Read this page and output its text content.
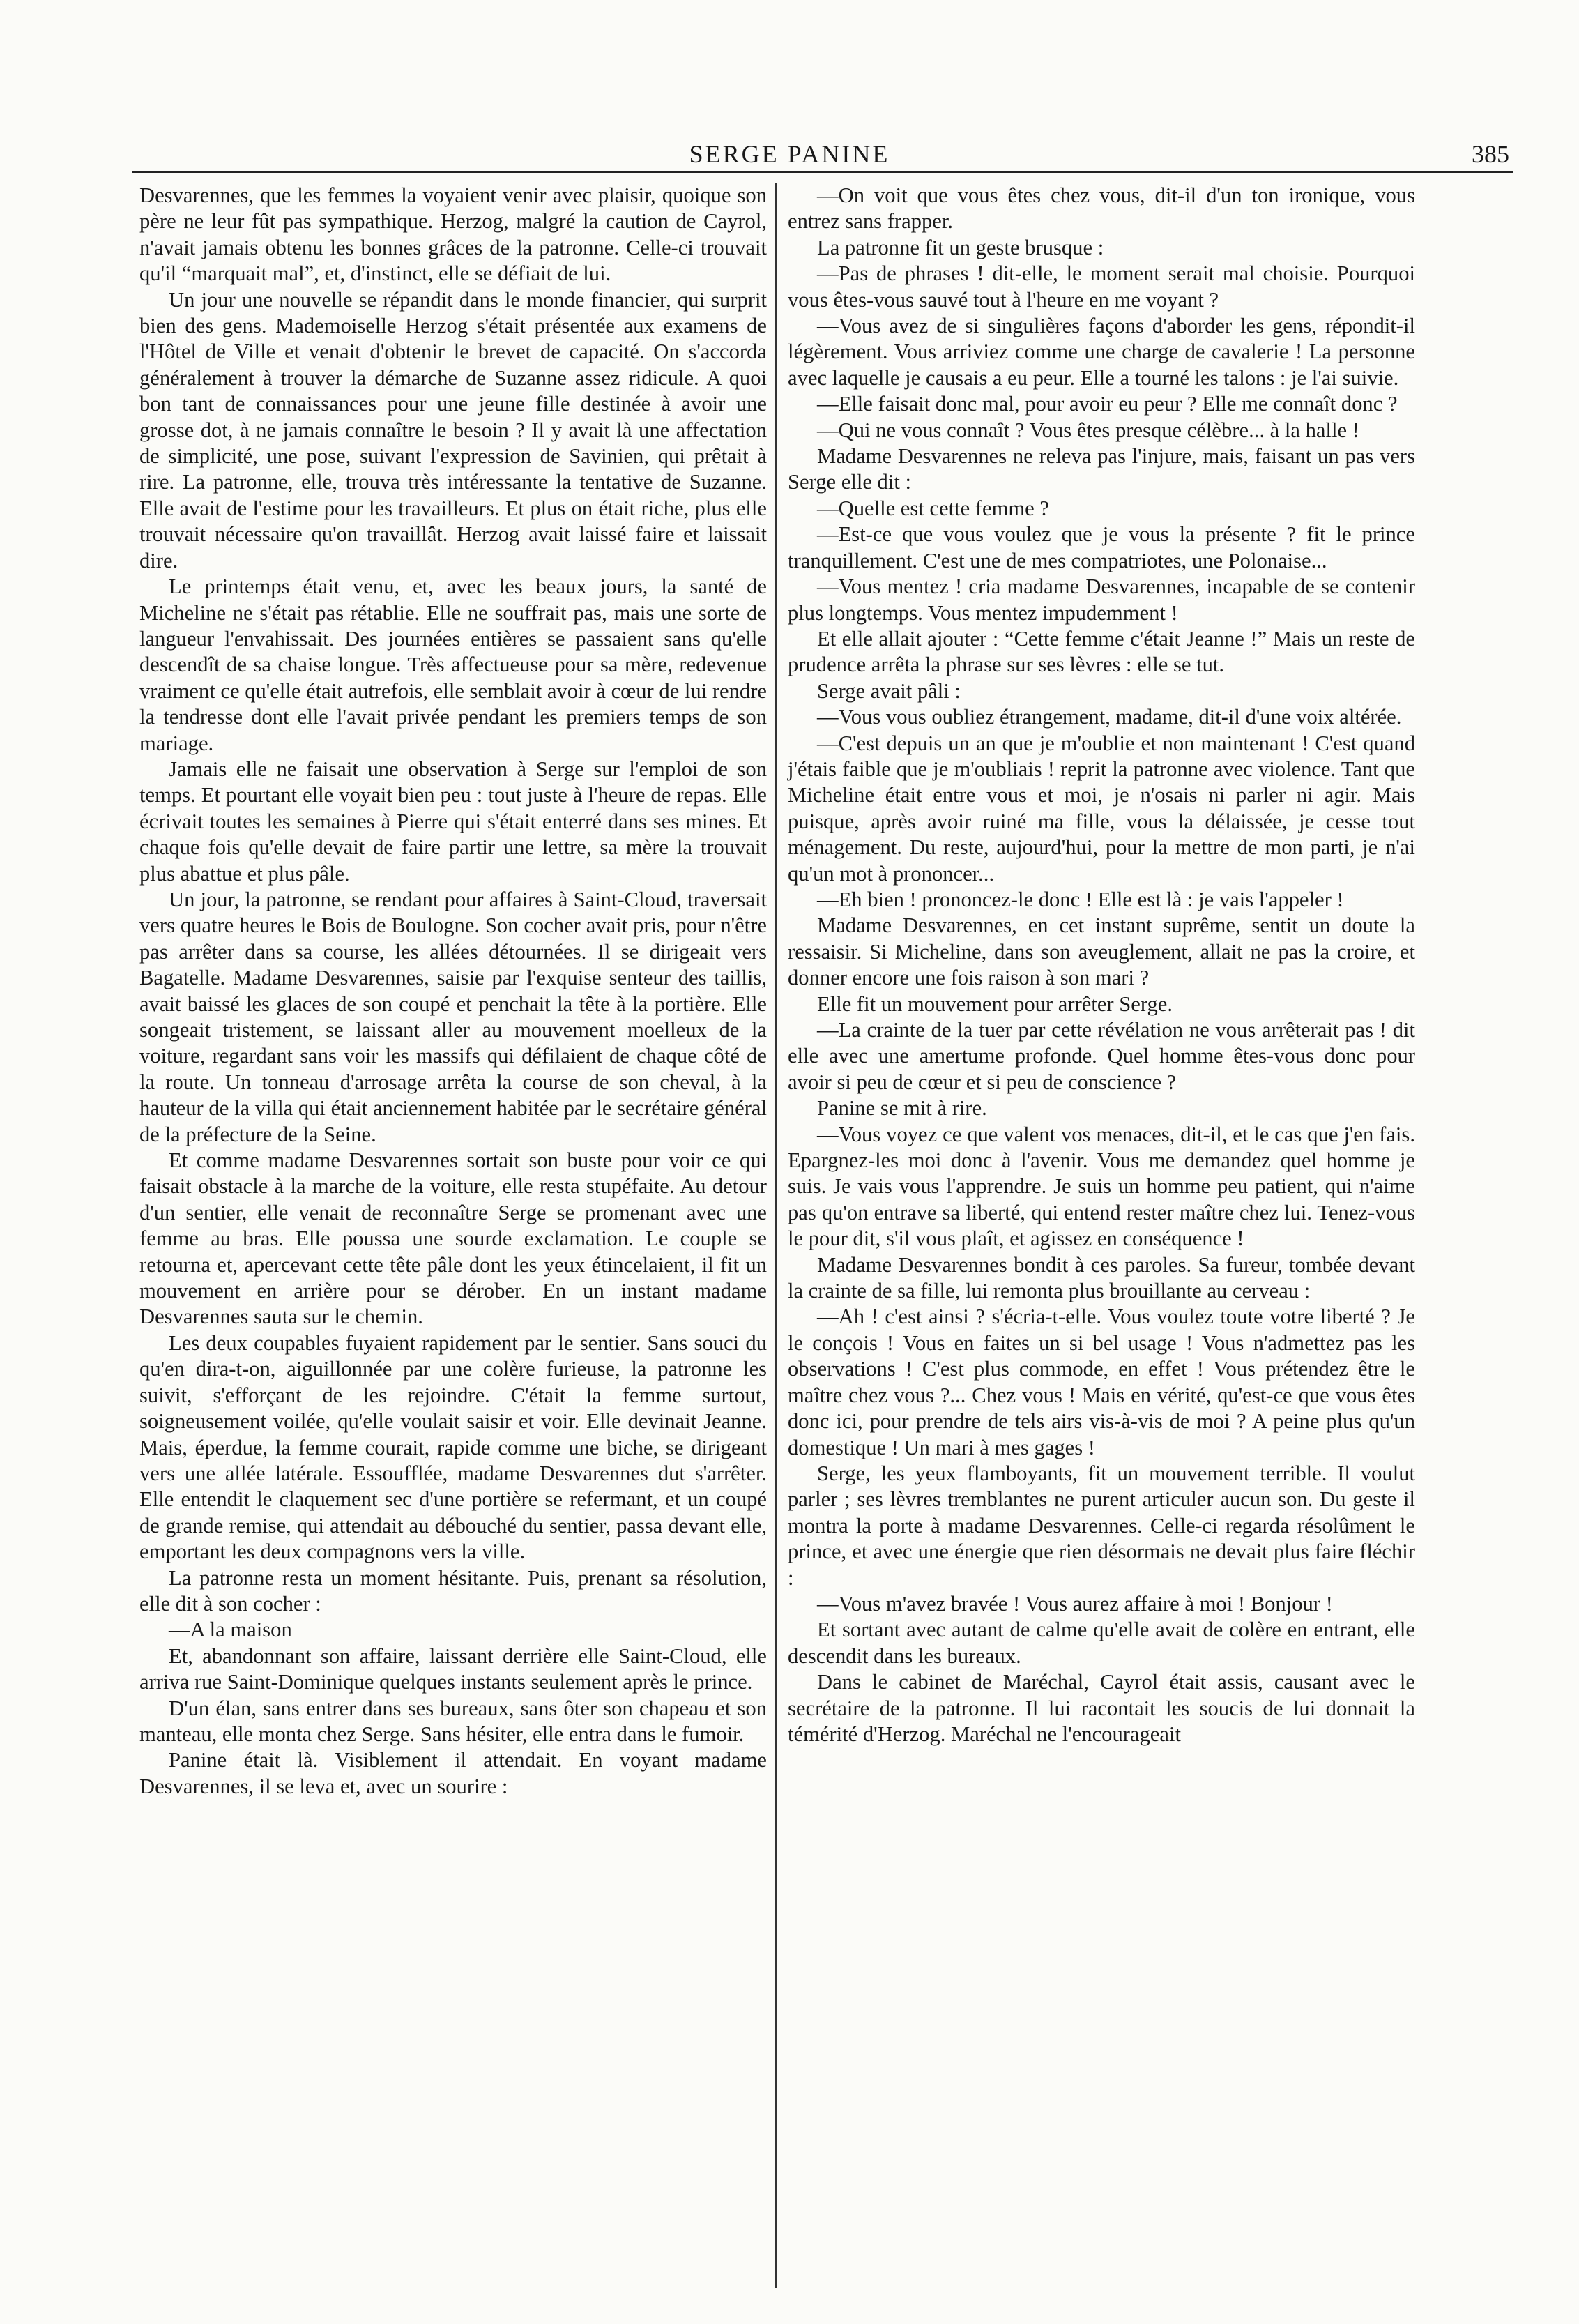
SERGE PANINE	385

Desvarennes, que les femmes la voyaient venir avec plaisir, quoique son père ne leur fût pas sympathique. Herzog, malgré la caution de Cayrol, n'avait jamais obtenu les bonnes grâces de la patronne. Celle-ci trouvait qu'il “marquait mal”, et, d'instinct, elle se défiait de lui.

Un jour une nouvelle se répandit dans le monde financier, qui surprit bien des gens. Mademoiselle Herzog s'était présentée aux examens de l'Hôtel de Ville et venait d'obtenir le brevet de capacité. On s'accorda généralement à trouver la démarche de Suzanne assez ridicule. A quoi bon tant de connaissances pour une jeune fille destinée à avoir une grosse dot, à ne jamais connaître le besoin ? Il y avait là une affectation de simplicité, une pose, suivant l'expression de Savinien, qui prêtait à rire. La patronne, elle, trouva très intéressante la tentative de Suzanne. Elle avait de l'estime pour les travailleurs. Et plus on était riche, plus elle trouvait nécessaire qu'on travaillât. Herzog avait laissé faire et laissait dire.

Le printemps était venu, et, avec les beaux jours, la santé de Micheline ne s'était pas rétablie. Elle ne souffrait pas, mais une sorte de langueur l'envahissait. Des journées entières se passaient sans qu'elle descendît de sa chaise longue. Très affectueuse pour sa mère, redevenue vraiment ce qu'elle était autrefois, elle semblait avoir à cœur de lui rendre la tendresse dont elle l'avait privée pendant les premiers temps de son mariage.

Jamais elle ne faisait une observation à Serge sur l'emploi de son temps. Et pourtant elle voyait bien peu : tout juste à l'heure de repas. Elle écrivait toutes les semaines à Pierre qui s'était enterré dans ses mines. Et chaque fois qu'elle devait de faire partir une lettre, sa mère la trouvait plus abattue et plus pâle.

Un jour, la patronne, se rendant pour affaires à Saint-Cloud, traversait vers quatre heures le Bois de Boulogne. Son cocher avait pris, pour n'être pas arrêter dans sa course, les allées détournées. Il se dirigeait vers Bagatelle. Madame Desvarennes, saisie par l'exquise senteur des taillis, avait baissé les glaces de son coupé et penchait la tête à la portière. Elle songeait tristement, se laissant aller au mouvement moelleux de la voiture, regardant sans voir les massifs qui défilaient de chaque côté de la route. Un tonneau d'arrosage arrêta la course de son cheval, à la hauteur de la villa qui était anciennement habitée par le secrétaire général de la préfecture de la Seine.

Et comme madame Desvarennes sortait son buste pour voir ce qui faisait obstacle à la marche de la voiture, elle resta stupéfaite. Au detour d'un sentier, elle venait de reconnaître Serge se promenant avec une femme au bras. Elle poussa une sourde exclamation. Le couple se retourna et, apercevant cette tête pâle dont les yeux étincelaient, il fit un mouvement en arrière pour se dérober. En un instant madame Desvarennes sauta sur le chemin.

Les deux coupables fuyaient rapidement par le sentier. Sans souci du qu'en dira-t-on, aiguillonnée par une colère furieuse, la patronne les suivit, s'efforçant de les rejoindre. C'était la femme surtout, soigneusement voilée, qu'elle voulait saisir et voir. Elle devinait Jeanne. Mais, éperdue, la femme courait, rapide comme une biche, se dirigeant vers une allée latérale. Essoufflée, madame Desvarennes dut s'arrêter. Elle entendit le claquement sec d'une portière se refermant, et un coupé de grande remise, qui attendait au débouché du sentier, passa devant elle, emportant les deux compagnons vers la ville.

La patronne resta un moment hésitante. Puis, prenant sa résolution, elle dit à son cocher :

—A la maison

Et, abandonnant son affaire, laissant derrière elle Saint-Cloud, elle arriva rue Saint-Dominique quelques instants seulement après le prince.

D'un élan, sans entrer dans ses bureaux, sans ôter son chapeau et son manteau, elle monta chez Serge. Sans hésiter, elle entra dans le fumoir.

Panine était là. Visiblement il attendait. En voyant madame Desvarennes, il se leva et, avec un sourire :

—On voit que vous êtes chez vous, dit-il d'un ton ironique, vous entrez sans frapper.

La patronne fit un geste brusque :

—Pas de phrases ! dit-elle, le moment serait mal choisie. Pourquoi vous êtes-vous sauvé tout à l'heure en me voyant ?

—Vous avez de si singulières façons d'aborder les gens, répondit-il légèrement. Vous arriviez comme une charge de cavalerie ! La personne avec laquelle je causais a eu peur. Elle a tourné les talons : je l'ai suivie.

—Elle faisait donc mal, pour avoir eu peur ? Elle me connaît donc ?

—Qui ne vous connaît ? Vous êtes presque célèbre... à la halle !

Madame Desvarennes ne releva pas l'injure, mais, faisant un pas vers Serge elle dit :

—Quelle est cette femme ?

—Est-ce que vous voulez que je vous la présente ? fit le prince tranquillement. C'est une de mes compatriotes, une Polonaise...

—Vous mentez ! cria madame Desvarennes, incapable de se contenir plus longtemps. Vous mentez impudemment !

Et elle allait ajouter : “Cette femme c'était Jeanne !” Mais un reste de prudence arrêta la phrase sur ses lèvres : elle se tut.

Serge avait pâli :

—Vous vous oubliez étrangement, madame, dit-il d'une voix altérée.

—C'est depuis un an que je m'oublie et non maintenant ! C'est quand j'étais faible que je m'oubliais ! reprit la patronne avec violence. Tant que Micheline était entre vous et moi, je n'osais ni parler ni agir. Mais puisque, après avoir ruiné ma fille, vous la délaissée, je cesse tout ménagement. Du reste, aujourd'hui, pour la mettre de mon parti, je n'ai qu'un mot à prononcer...

—Eh bien ! prononcez-le donc ! Elle est là : je vais l'appeler !

Madame Desvarennes, en cet instant suprême, sentit un doute la ressaisir. Si Micheline, dans son aveuglement, allait ne pas la croire, et donner encore une fois raison à son mari ?

Elle fit un mouvement pour arrêter Serge.

—La crainte de la tuer par cette révélation ne vous arrêterait pas ! dit elle avec une amertume profonde. Quel homme êtes-vous donc pour avoir si peu de cœur et si peu de conscience ?

Panine se mit à rire.

—Vous voyez ce que valent vos menaces, dit-il, et le cas que j'en fais. Epargnez-les moi donc à l'avenir. Vous me demandez quel homme je suis. Je vais vous l'apprendre. Je suis un homme peu patient, qui n'aime pas qu'on entrave sa liberté, qui entend rester maître chez lui. Tenez-vous le pour dit, s'il vous plaît, et agissez en conséquence !

Madame Desvarennes bondit à ces paroles. Sa fureur, tombée devant la crainte de sa fille, lui remonta plus brouillante au cerveau :

—Ah ! c'est ainsi ? s'écria-t-elle. Vous voulez toute votre liberté ? Je le conçois ! Vous en faites un si bel usage ! Vous n'admettez pas les observations ! C'est plus commode, en effet ! Vous prétendez être le maître chez vous ?... Chez vous ! Mais en vérité, qu'est-ce que vous êtes donc ici, pour prendre de tels airs vis-à-vis de moi ? A peine plus qu'un domestique ! Un mari à mes gages !

Serge, les yeux flamboyants, fit un mouvement terrible. Il voulut parler ; ses lèvres tremblantes ne purent articuler aucun son. Du geste il montra la porte à madame Desvarennes. Celle-ci regarda résolûment le prince, et avec une énergie que rien désormais ne devait plus faire fléchir :

—Vous m'avez bravée ! Vous aurez affaire à moi ! Bonjour !

Et sortant avec autant de calme qu'elle avait de colère en entrant, elle descendit dans les bureaux.

Dans le cabinet de Maréchal, Cayrol était assis, causant avec le secrétaire de la patronne. Il lui racontait les soucis de lui donnait la témérité d'Herzog. Maréchal ne l'encourageait
